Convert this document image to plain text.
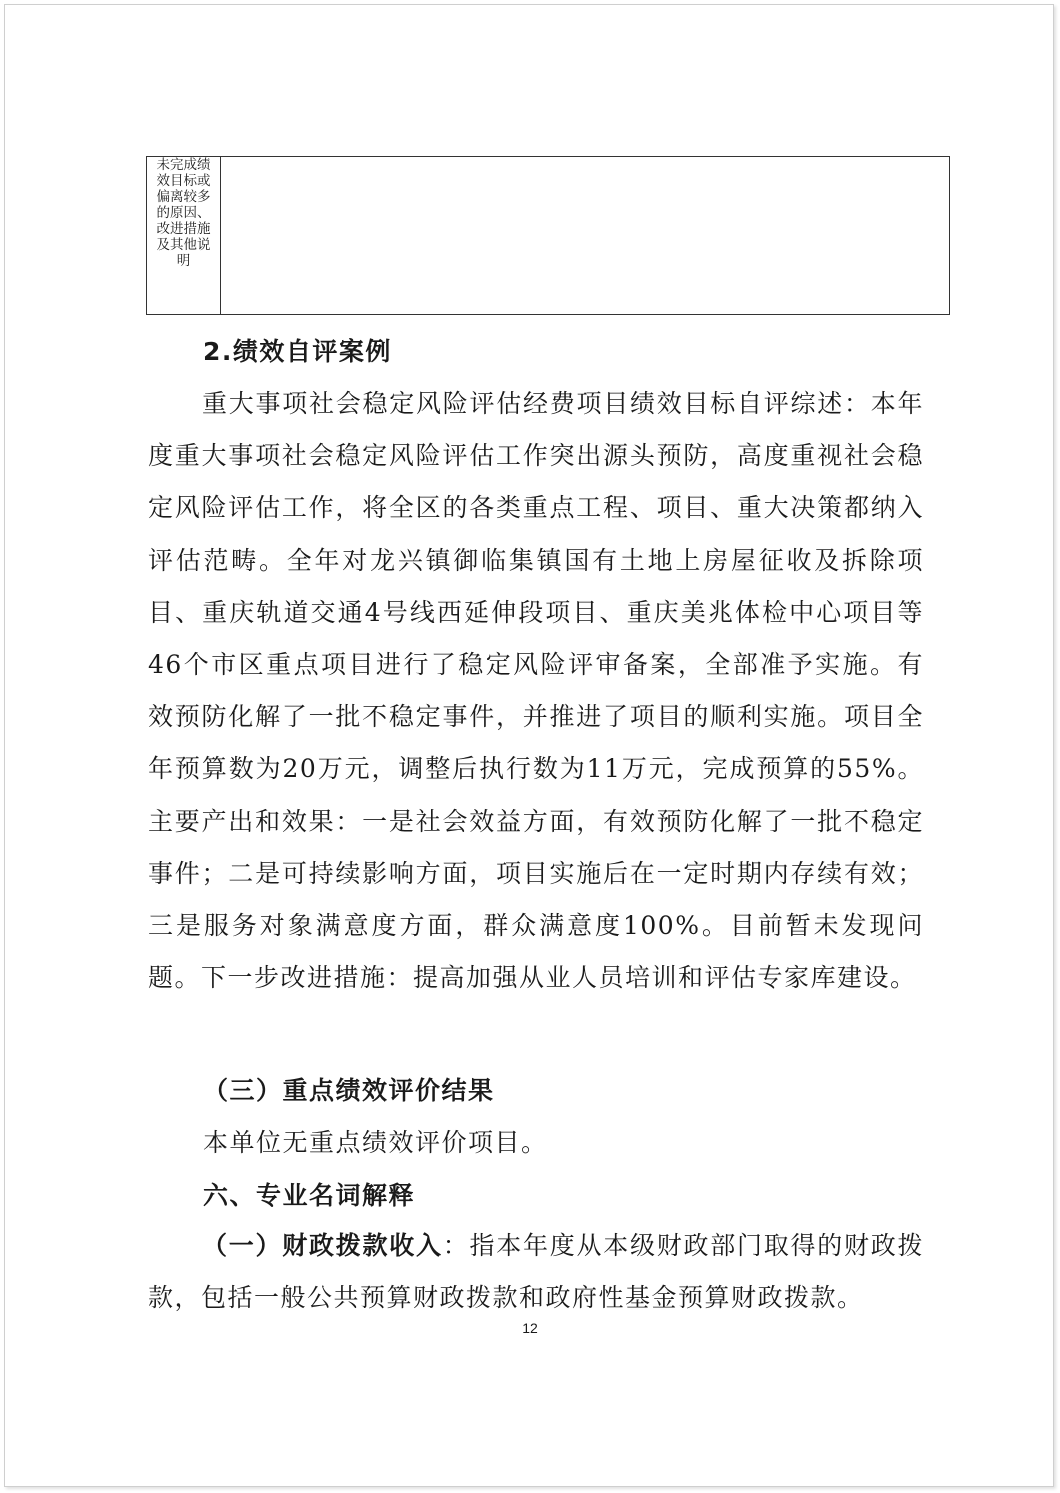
未完成绩效目标或偏离较多的原因、改进措施及其他说明
2.绩效自评案例
重大事项社会稳定风险评估经费项目绩效目标自评综述：本年度重大事项社会稳定风险评估工作突出源头预防，高度重视社会稳定风险评估工作，将全区的各类重点工程、项目、重大决策都纳入评估范畴。全年对龙兴镇御临集镇国有土地上房屋征收及拆除项目、重庆轨道交通4号线西延伸段项目、重庆美兆体检中心项目等46个市区重点项目进行了稳定风险评审备案，全部准予实施。有效预防化解了一批不稳定事件，并推进了项目的顺利实施。项目全年预算数为20万元，调整后执行数为11万元，完成预算的55%。主要产出和效果：一是社会效益方面，有效预防化解了一批不稳定事件；二是可持续影响方面，项目实施后在一定时期内存续有效；三是服务对象满意度方面，群众满意度100%。目前暂未发现问题。下一步改进措施：提高加强从业人员培训和评估专家库建设。
（三）重点绩效评价结果
本单位无重点绩效评价项目。
六、专业名词解释
（一）财政拨款收入：指本年度从本级财政部门取得的财政拨款，包括一般公共预算财政拨款和政府性基金预算财政拨款。
12
